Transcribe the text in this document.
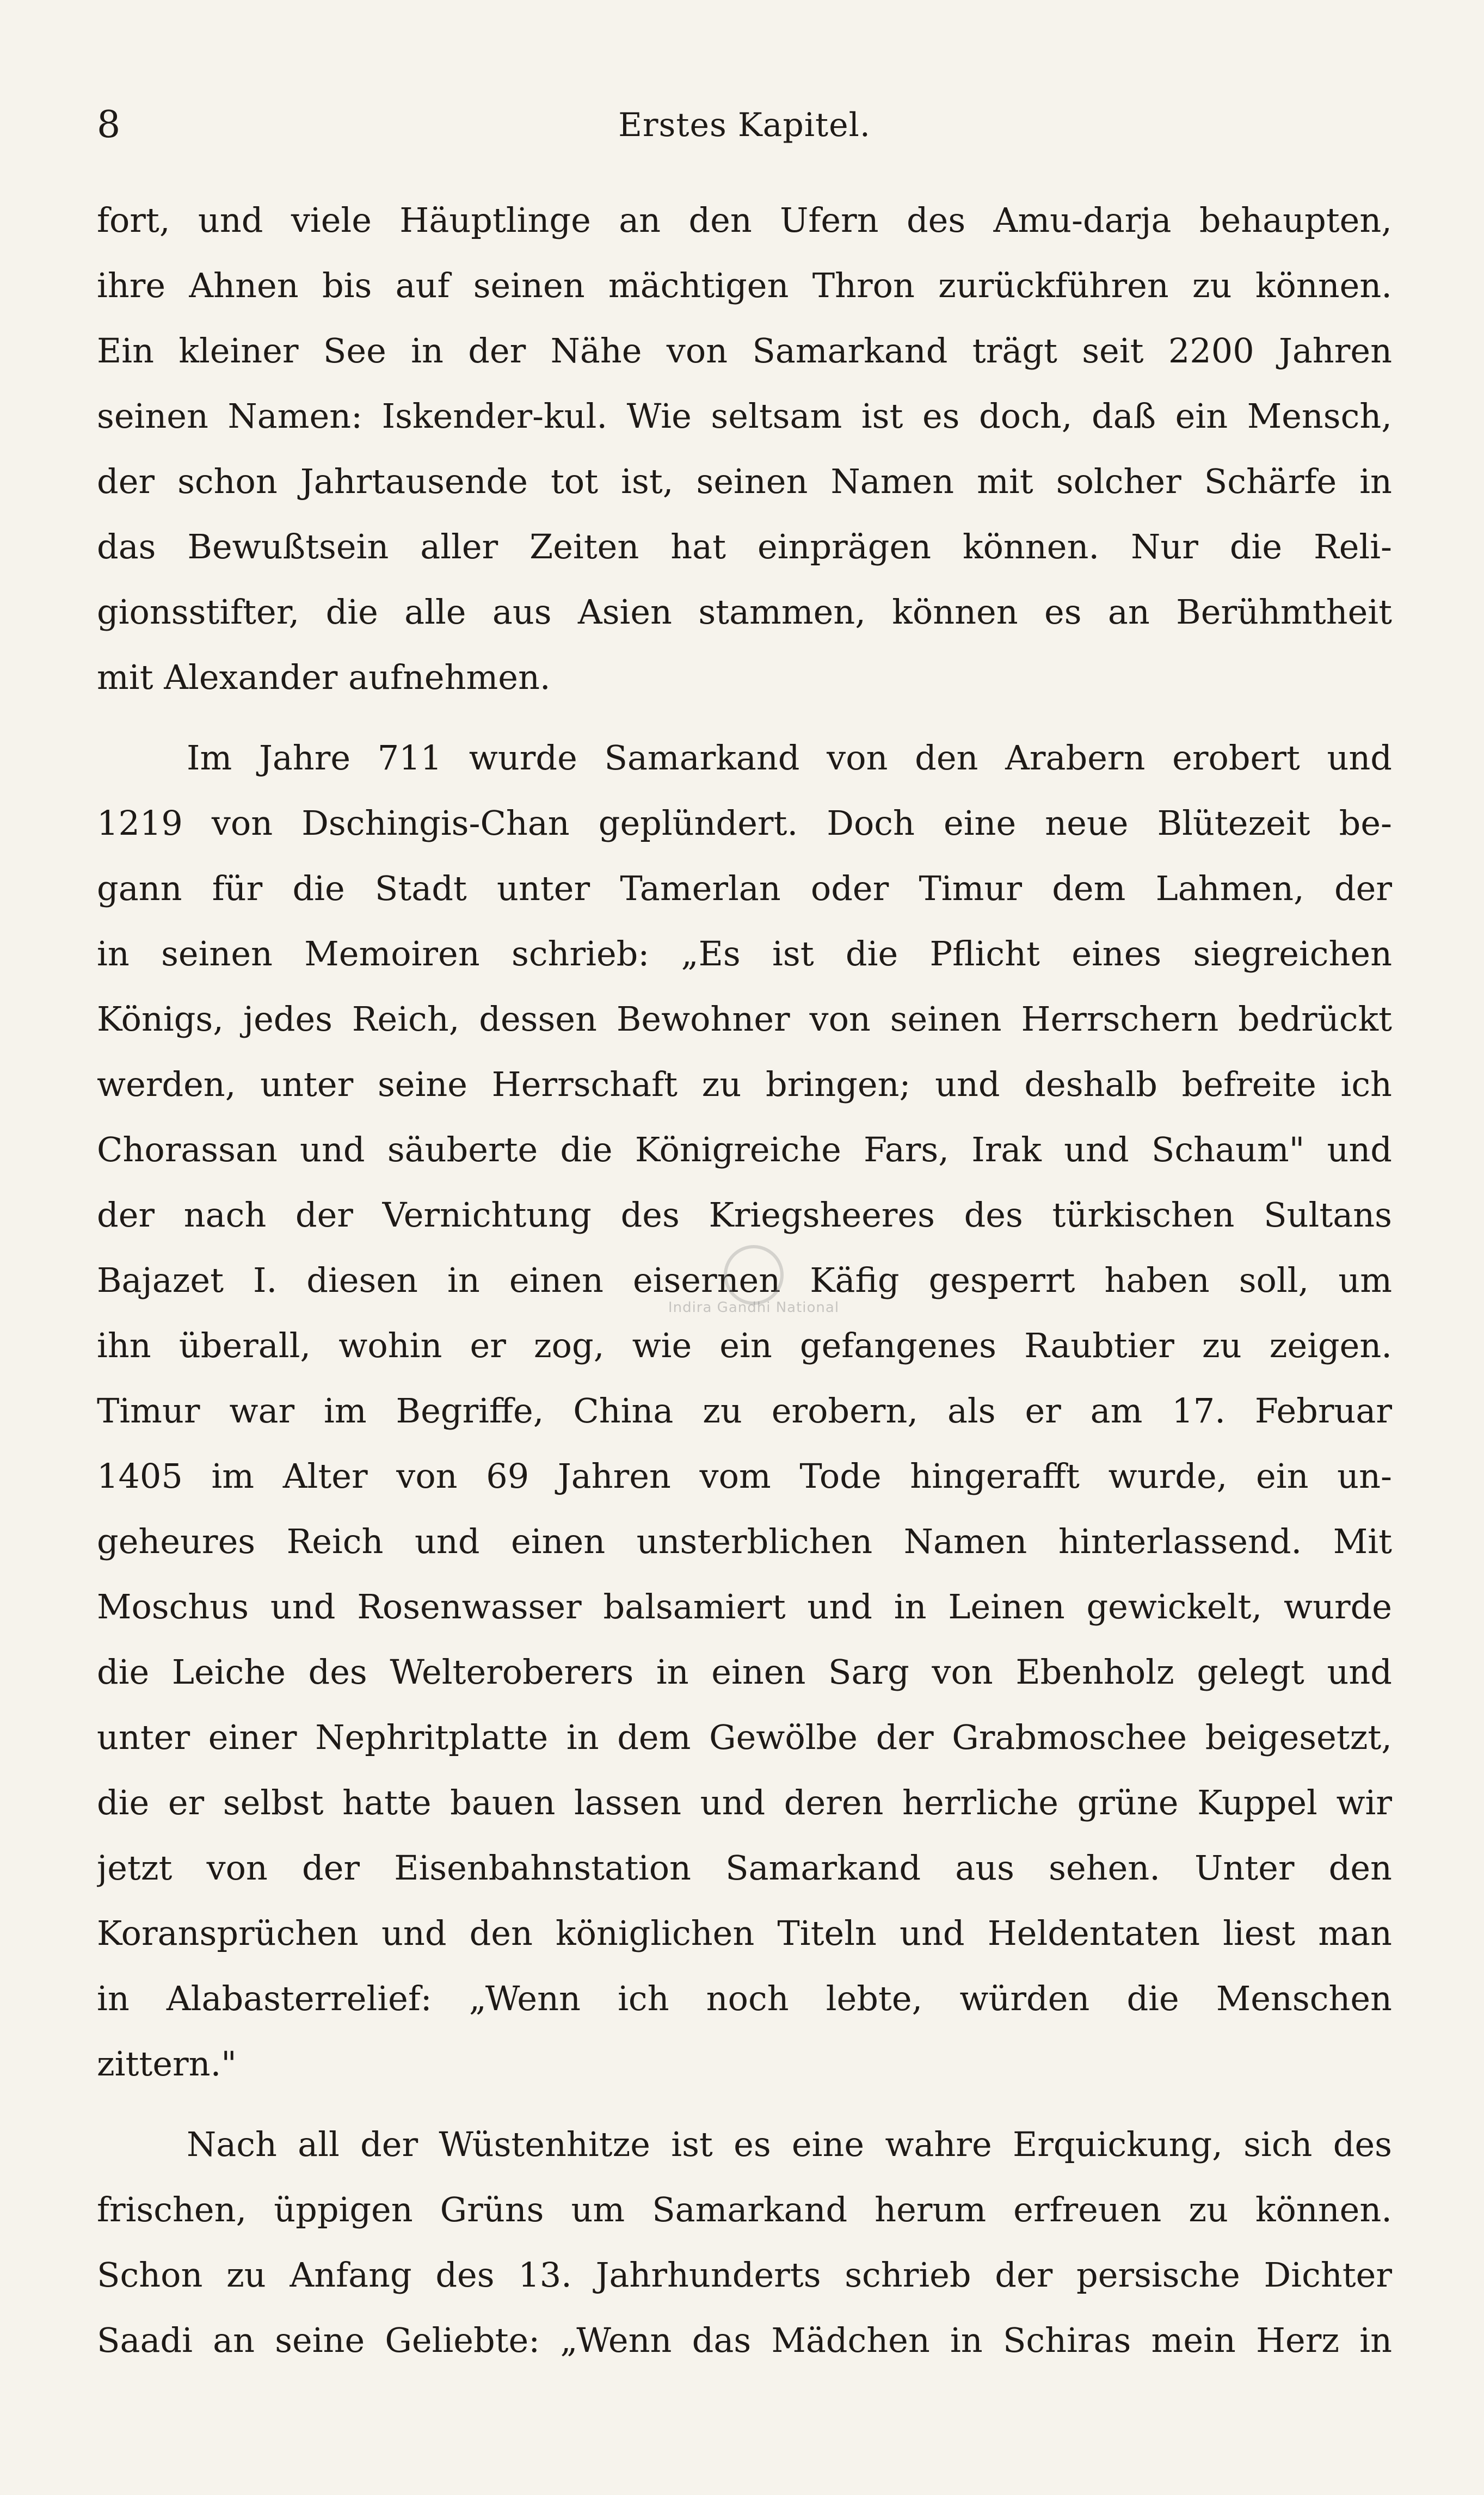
8	Erstes Kapitel.
fort, und viele Häuptlinge an den Ufern des Amu-darja behaupten,
ihre Ahnen bis auf seinen mächtigen Thron zurückführen zu können.
Ein kleiner See in der Nähe von Samarkand trägt seit 2200 Jahren
seinen Namen: Iskender-kul. Wie seltsam ist es doch, daß ein Mensch,
der schon Jahrtausende tot ist, seinen Namen mit solcher Schärfe in
das Bewußtsein aller Zeiten hat einprägen können. Nur die Reli-
gionsstifter, die alle aus Asien stammen, können es an Berühmtheit
mit Alexander aufnehmen.
Im Jahre 711 wurde Samarkand von den Arabern erobert und
1219 von Dschingis-Chan geplündert. Doch eine neue Blütezeit be-
gann für die Stadt unter Tamerlan oder Timur dem Lahmen, der
in seinen Memoiren schrieb: „Es ist die Pflicht eines siegreichen
Königs, jedes Reich, dessen Bewohner von seinen Herrschern bedrückt
werden, unter seine Herrschaft zu bringen; und deshalb befreite ich
Chorassan und säuberte die Königreiche Fars, Irak und Schaum" und
der nach der Vernichtung des Kriegsheeres des türkischen Sultans
Bajazet I. diesen in einen eisernen Käfig gesperrt haben soll, um
ihn überall, wohin er zog, wie ein gefangenes Raubtier zu zeigen.
Timur war im Begriffe, China zu erobern, als er am 17. Februar
1405 im Alter von 69 Jahren vom Tode hingerafft wurde, ein un-
geheures Reich und einen unsterblichen Namen hinterlassend. Mit
Moschus und Rosenwasser balsamiert und in Leinen gewickelt, wurde
die Leiche des Welteroberers in einen Sarg von Ebenholz gelegt und
unter einer Nephritplatte in dem Gewölbe der Grabmoschee beigesetzt,
die er selbst hatte bauen lassen und deren herrliche grüne Kuppel wir
jetzt von der Eisenbahnstation Samarkand aus sehen. Unter den
Koransprüchen und den königlichen Titeln und Heldentaten liest man
in Alabasterrelief: „Wenn ich noch lebte, würden die Menschen
zittern."
Nach all der Wüstenhitze ist es eine wahre Erquickung, sich des
frischen, üppigen Grüns um Samarkand herum erfreuen zu können.
Schon zu Anfang des 13. Jahrhunderts schrieb der persische Dichter
Saadi an seine Geliebte: „Wenn das Mädchen in Schiras mein Herz in
Indira Gandhi National
